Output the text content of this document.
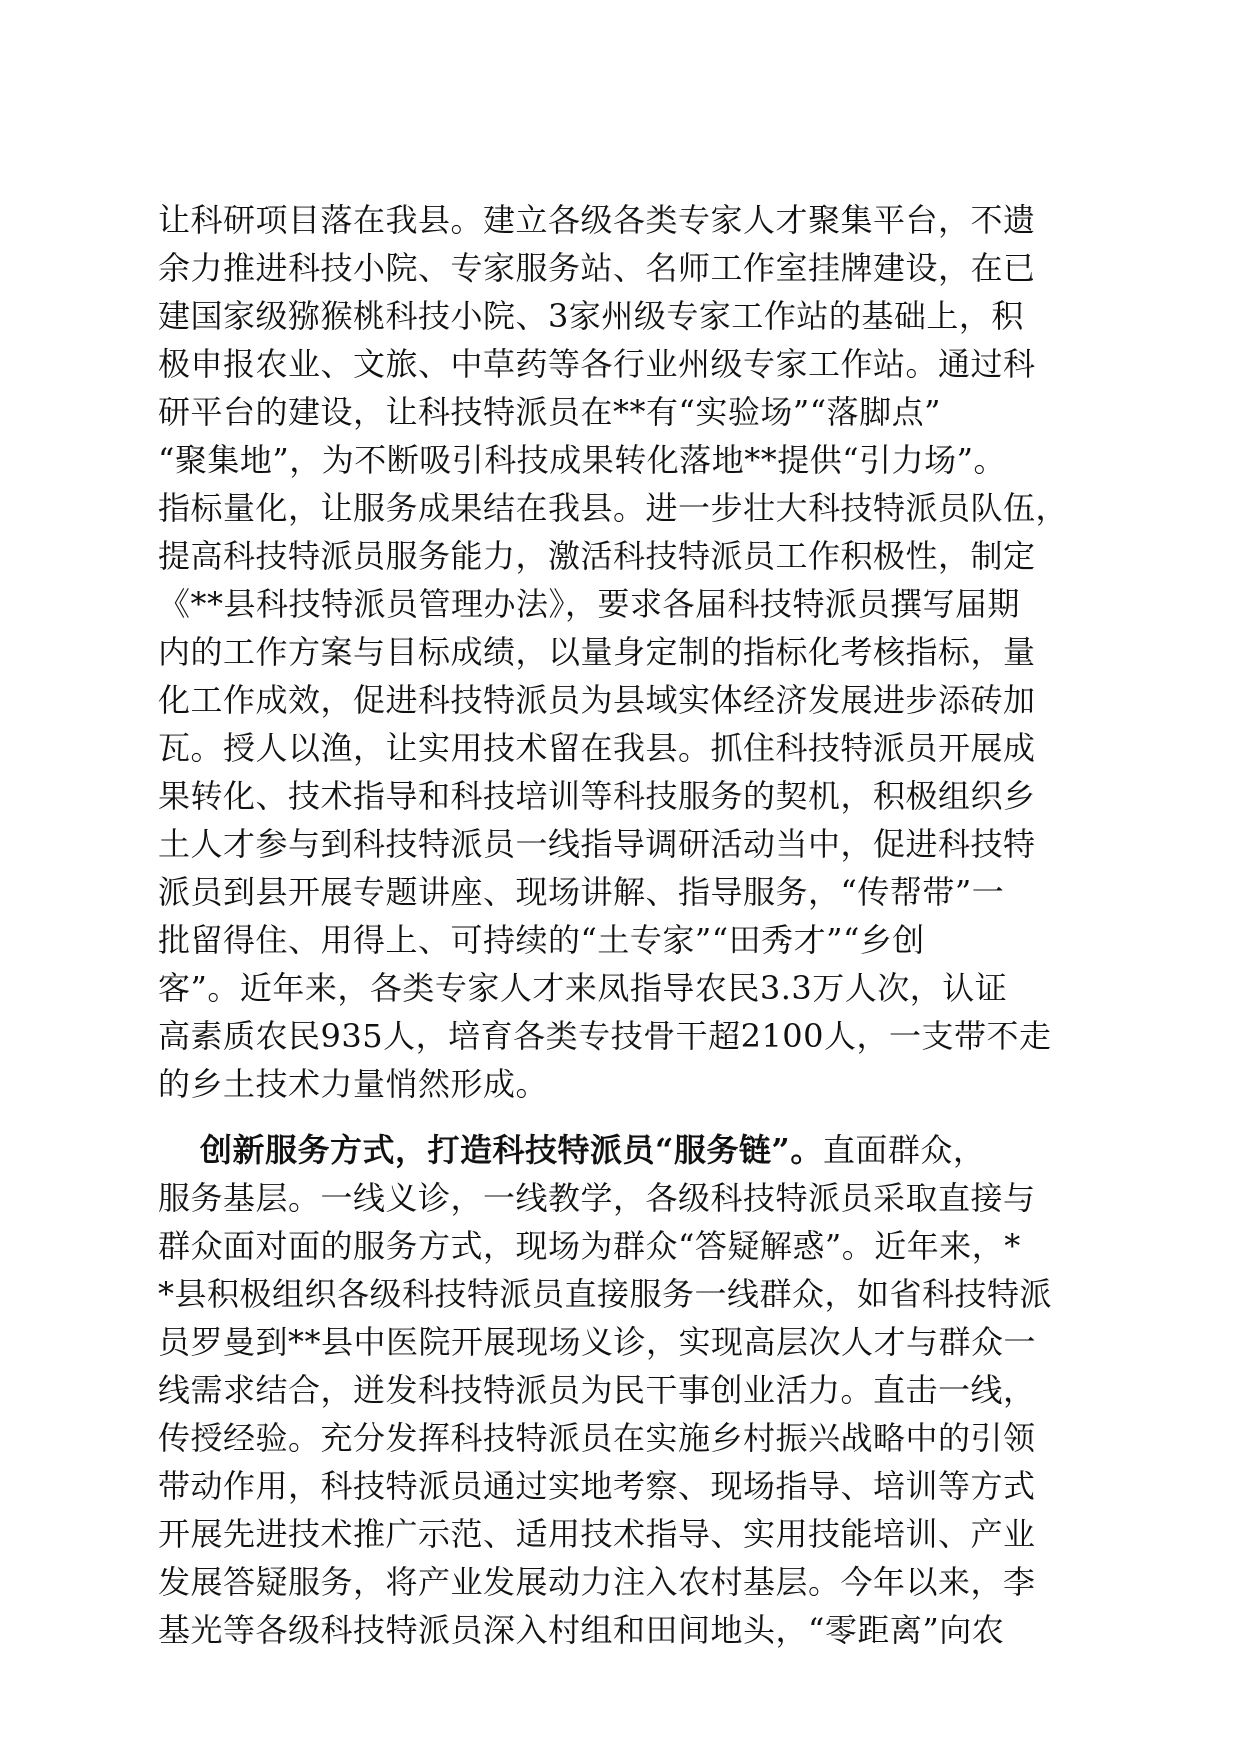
让科研项目落在我县。建立各级各类专家人才聚集平台，不遗
余力推进科技小院、专家服务站、名师工作室挂牌建设，在已
建国家级猕猴桃科技小院、3家州级专家工作站的基础上，积
极申报农业、文旅、中草药等各行业州级专家工作站。通过科
研平台的建设，让科技特派员在**有“实验场”“落脚点”
“聚集地”，为不断吸引科技成果转化落地**提供“引力场”。
指标量化，让服务成果结在我县。进一步壮大科技特派员队伍，
提高科技特派员服务能力，激活科技特派员工作积极性，制定
《**县科技特派员管理办法》，要求各届科技特派员撰写届期
内的工作方案与目标成绩，以量身定制的指标化考核指标，量
化工作成效，促进科技特派员为县域实体经济发展进步添砖加
瓦。授人以渔，让实用技术留在我县。抓住科技特派员开展成
果转化、技术指导和科技培训等科技服务的契机，积极组织乡
土人才参与到科技特派员一线指导调研活动当中，促进科技特
派员到县开展专题讲座、现场讲解、指导服务，“传帮带”一
批留得住、用得上、可持续的“土专家”“田秀才”“乡创
客”。近年来，各类专家人才来凤指导农民3.3万人次，认证
高素质农民935人，培育各类专技骨干超2100人，一支带不走
的乡土技术力量悄然形成。
创新服务方式，打造科技特派员“服务链”。直面群众，
服务基层。一线义诊，一线教学，各级科技特派员采取直接与
群众面对面的服务方式，现场为群众“答疑解惑”。近年来，*
*县积极组织各级科技特派员直接服务一线群众，如省科技特派
员罗曼到**县中医院开展现场义诊，实现高层次人才与群众一
线需求结合，迸发科技特派员为民干事创业活力。直击一线，
传授经验。充分发挥科技特派员在实施乡村振兴战略中的引领
带动作用，科技特派员通过实地考察、现场指导、培训等方式
开展先进技术推广示范、适用技术指导、实用技能培训、产业
发展答疑服务，将产业发展动力注入农村基层。今年以来，李
基光等各级科技特派员深入村组和田间地头，“零距离”向农
